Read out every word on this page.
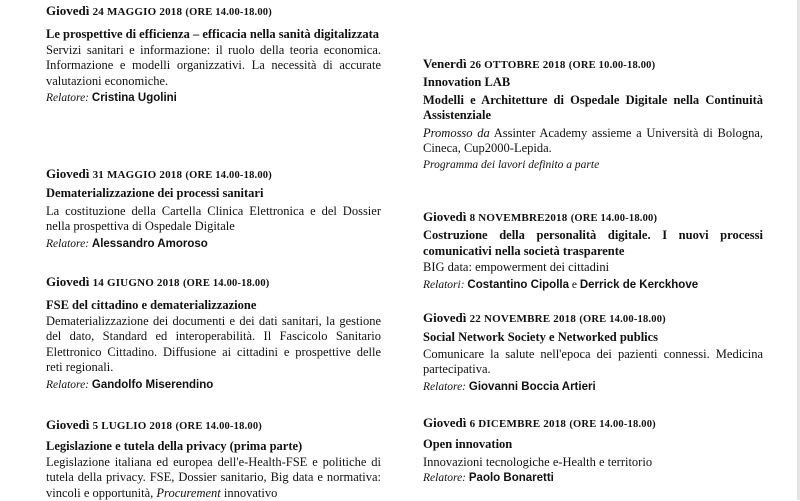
Giovedì 24 MAGGIO 2018 (ORE 14.00-18.00)
Le prospettive di efficienza – efficacia nella sanità digitalizzata
Servizi sanitari e informazione: il ruolo della teoria economica. Informazione e modelli organizzativi. La necessità di accurate valutazioni economiche.
Relatore: Cristina Ugolini
Giovedì 31 MAGGIO 2018 (ORE 14.00-18.00)
Dematerializzazione dei processi sanitari
La costituzione della Cartella Clinica Elettronica e del Dossier nella prospettiva di Ospedale Digitale
Relatore: Alessandro Amoroso
Giovedì 14 GIUGNO 2018 (ORE 14.00-18.00)
FSE del cittadino e dematerializzazione
Dematerializzazione dei documenti e dei dati sanitari, la gestione del dato, Standard ed interoperabilità. Il Fascicolo Sanitario Elettronico Cittadino. Diffusione ai cittadini e prospettive delle reti regionali.
Relatore: Gandolfo Miserendino
Giovedì 5 LUGLIO 2018 (ORE 14.00-18.00)
Legislazione e tutela della privacy (prima parte)
Legislazione italiana ed europea dell'e-Health-FSE e politiche di tutela della privacy. FSE, Dossier sanitario, Big data e normativa: vincoli e opportunità, Procurement innovativo
Venerdì 26 OTTOBRE 2018 (ORE 10.00-18.00)
Innovation LAB
Modelli e Architetture di Ospedale Digitale nella Continuità Assistenziale
Promosso da Assinter Academy assieme a Università di Bologna, Cineca, Cup2000-Lepida.
Programma dei lavori definito a parte
Giovedì 8 NOVEMBRE2018 (ORE 14.00-18.00)
Costruzione della personalità digitale. I nuovi processi comunicativi nella società trasparente
BIG data: empowerment dei cittadini
Relatori: Costantino Cipolla e Derrick de Kerckhove
Giovedì 22 NOVEMBRE 2018 (ORE 14.00-18.00)
Social Network Society e Networked publics
Comunicare la salute nell'epoca dei pazienti connessi. Medicina partecipativa.
Relatore: Giovanni Boccia Artieri
Giovedì 6 DICEMBRE 2018 (ORE 14.00-18.00)
Open innovation
Innovazioni tecnologiche e-Health e territorio
Relatore: Paolo Bonaretti
